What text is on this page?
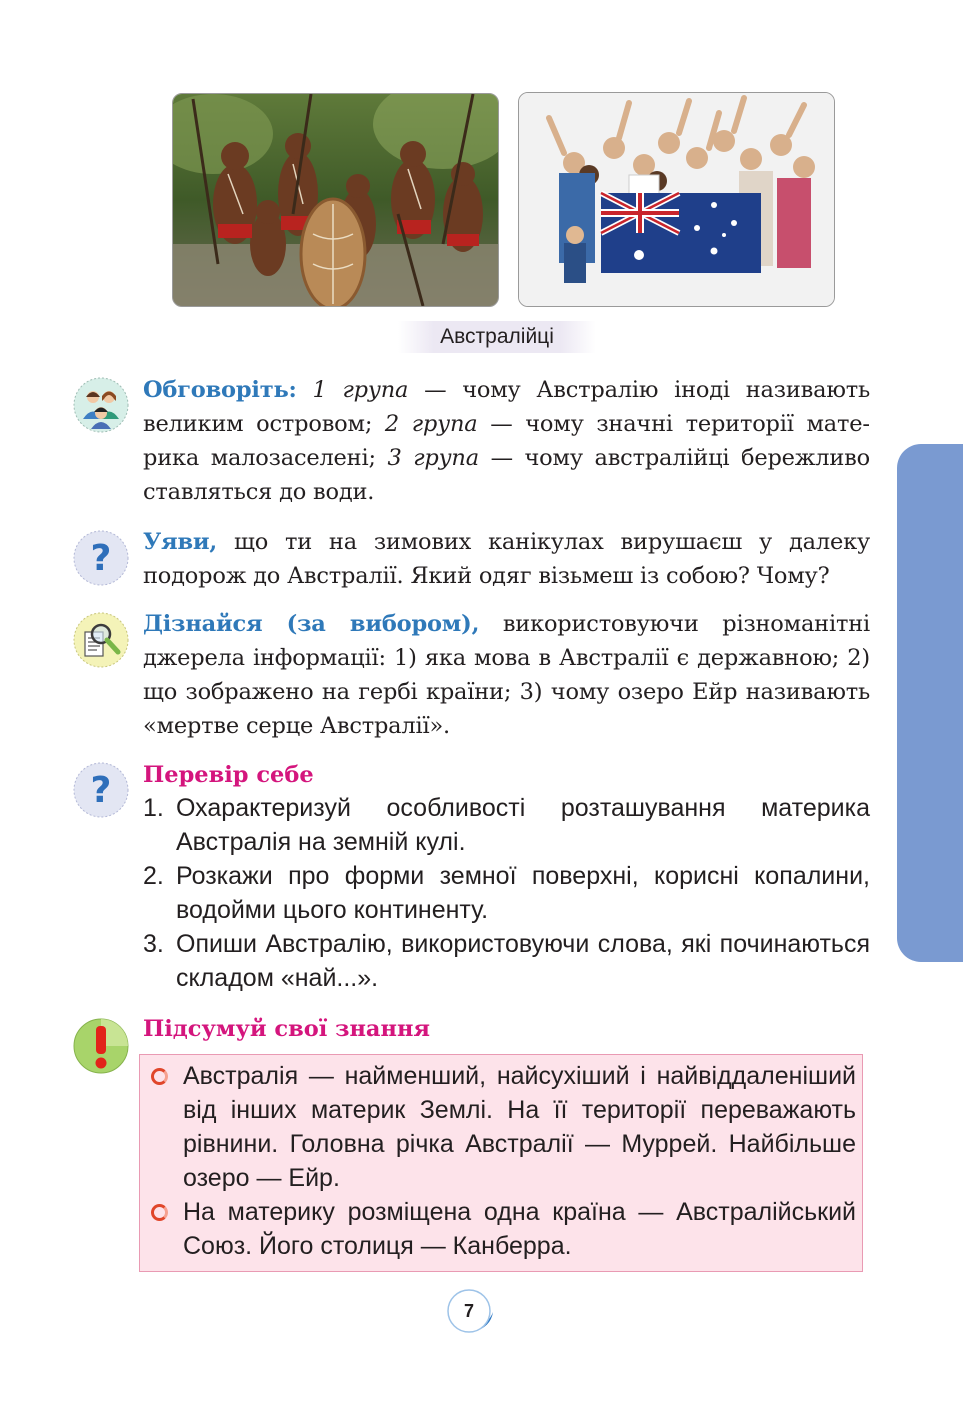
Австралійці
?
?
Обговоріть: 1 група — чому Австралію іноді називають великим островом; 2 група — чому значні території материка малозаселені; 3 група — чому австралійці бережливо ставляться до води.
Уяви, що ти на зимових канікулах вирушаєш у далеку подорож до Австралії. Який одяг візьмеш із собою? Чому?
Дізнайся (за вибором), використовуючи різноманітні джерела інформації: 1) яка мова в Австралії є державною; 2) що зображено на гербі країни; 3) чому озеро Ейр називають «мертве серце Австралії».
Перевір себе
1. Охарактеризуй особливості розташування материка Австралія на земній кулі.
2. Розкажи про форми земної поверхні, корисні копалини, водойми цього континенту.
3. Опиши Австралію, використовуючи слова, які починаються складом «най...».
Підсумуй свої знання
Австралія — найменший, найсухіший і найвіддаленіший від інших материк Землі. На її території переважають рівнини. Головна річка Австралії — Муррей. Найбільше озеро — Ейр.
На материку розміщена одна країна — Австралійський Союз. Його столиця — Канберра.
7
